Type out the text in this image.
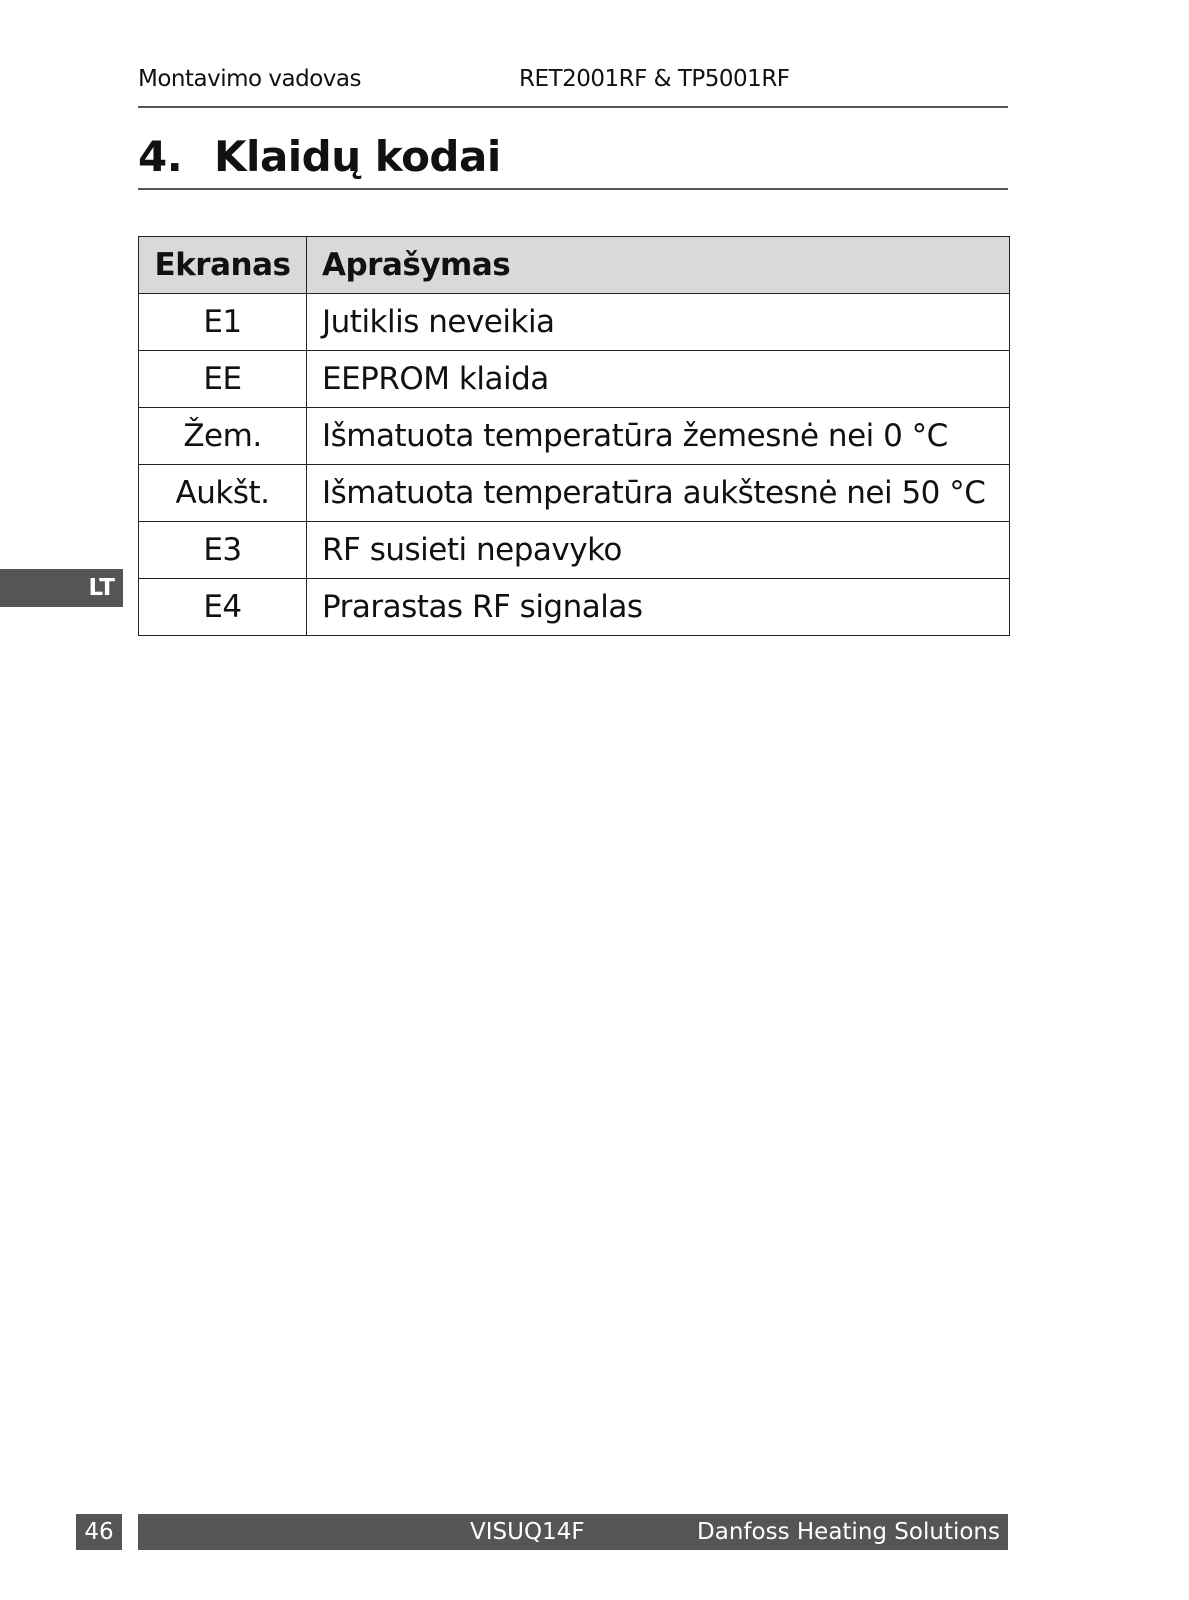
Montavimo vadovas	RET2001RF & TP5001RF
4. Klaidų kodai
Ekranas	Aprašymas
E1	Jutiklis neveikia
EE	EEPROM klaida
Žem.	Išmatuota temperatūra žemesnė nei 0 °C
Aukšt.	Išmatuota temperatūra aukštesnė nei 50 °C
E3	RF susieti nepavyko
E4	Prarastas RF signalas
LT
46	VISUQ14F	Danfoss Heating Solutions
